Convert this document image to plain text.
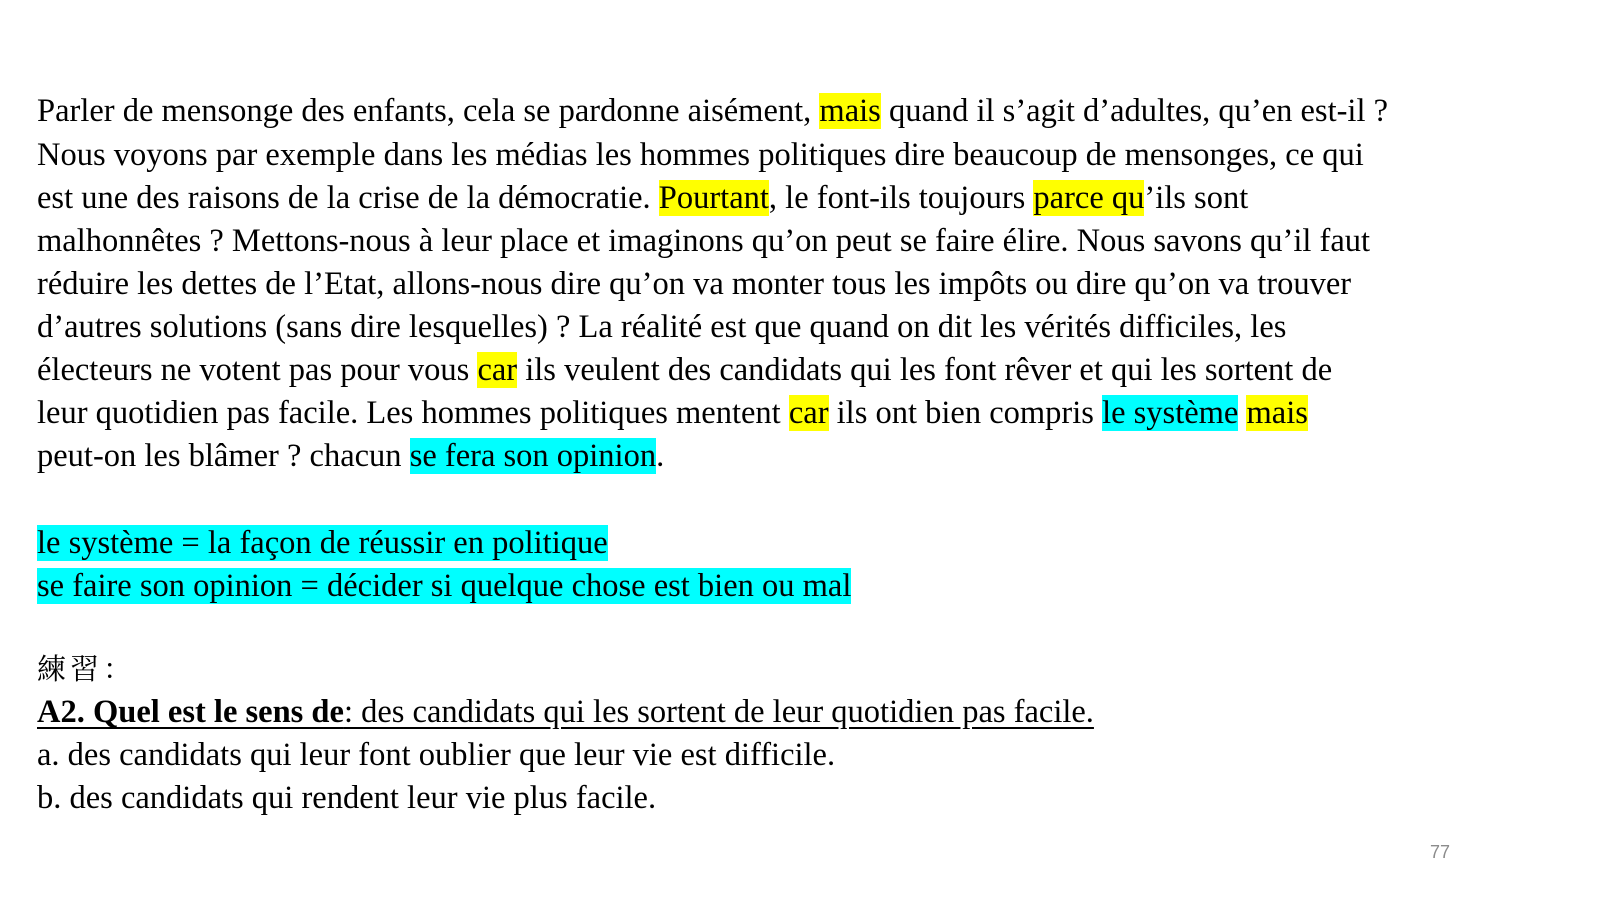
Parler de mensonge des enfants, cela se pardonne aisément, mais quand il s’agit d’adultes, qu’en est-il ?
Nous voyons par exemple dans les médias les hommes politiques dire beaucoup de mensonges, ce qui
est une des raisons de la crise de la démocratie. Pourtant, le font-ils toujours parce qu’ils sont
malhonnêtes ? Mettons-nous à leur place et imaginons qu’on peut se faire élire. Nous savons qu’il faut
réduire les dettes de l’Etat, allons-nous dire qu’on va monter tous les impôts ou dire qu’on va trouver
d’autres solutions (sans dire lesquelles) ? La réalité est que quand on dit les vérités difficiles, les
électeurs ne votent pas pour vous car ils veulent des candidats qui les font rêver et qui les sortent de
leur quotidien pas facile. Les hommes politiques mentent car ils ont bien compris le système mais
peut-on les blâmer ? chacun se fera son opinion.
le système = la façon de réussir en politique
se faire son opinion = décider si quelque chose est bien ou mal
練習：
A2. Quel est le sens de: des candidats qui les sortent de leur quotidien pas facile.
a. des candidats qui leur font oublier que leur vie est difficile.
b. des candidats qui rendent leur vie plus facile.
77
